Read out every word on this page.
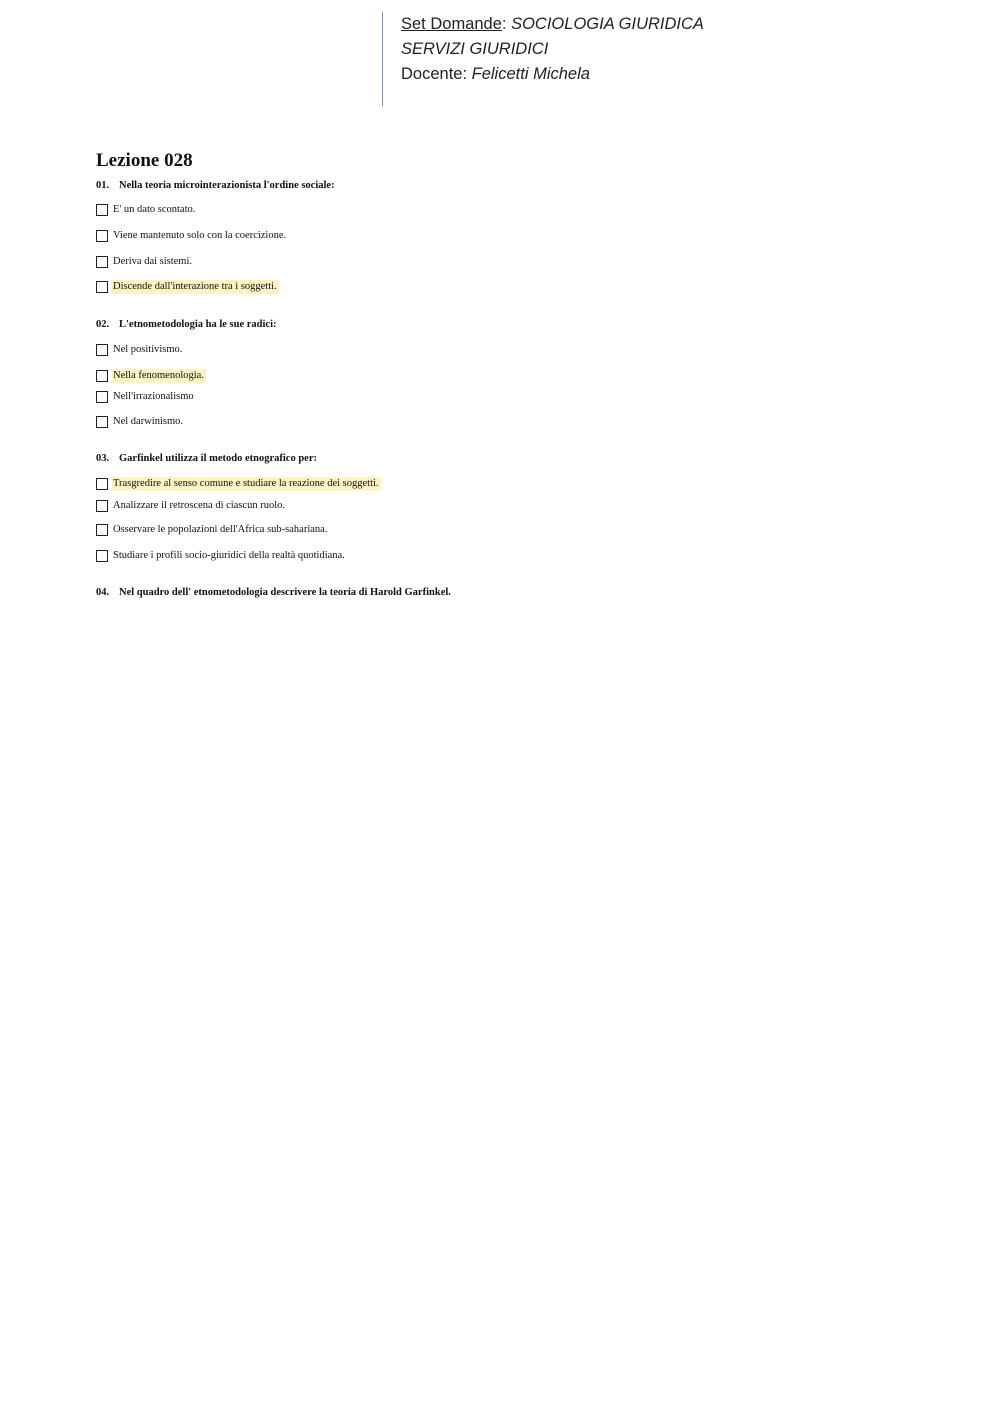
Set Domande: SOCIOLOGIA GIURIDICA
SERVIZI GIURIDICI
Docente: Felicetti Michela
Lezione 028
01. Nella teoria microinterazionista l'ordine sociale:
E' un dato scontato.
Viene mantenuto solo con la coercizione.
Deriva dai sistemi.
Discende dall'interazione tra i soggetti.
02. L'etnometodologia ha le sue radici:
Nel positivismo.
Nella fenomenologia.
Nell'irrazionalismo
Nel darwinismo.
03. Garfinkel utilizza il metodo etnografico per:
Trasgredire al senso comune e studiare la reazione dei soggetti.
Analizzare il retroscena di ciascun ruolo.
Osservare le popolazioni dell'Africa sub-sahariana.
Studiare i profili socio-giuridici della realtà quotidiana.
04. Nel quadro dell' etnometodologia descrivere la teoria di Harold Garfinkel.
